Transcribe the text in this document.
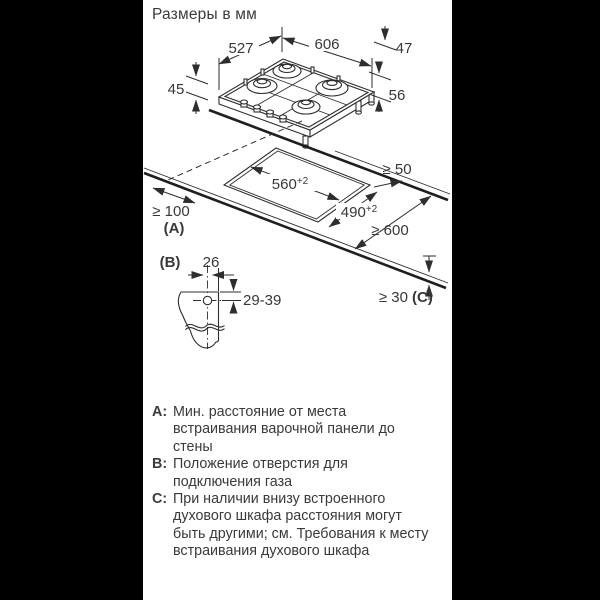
Размеры в мм
527	606	47
56
45
$560^{+2}$
$490^{+2}$
≥ 50
≥ 600
≥ 100
(A)
≥ 30 (C)
(B) 26
29-39
A: Мин. расстояние от места
встраивания варочной панели до
стены
B: Положение отверстия для
подключения газа
C: При наличии внизу встроенного
духового шкафа расстояния могут
быть другими; см. Требования к месту
встраивания духового шкафа
